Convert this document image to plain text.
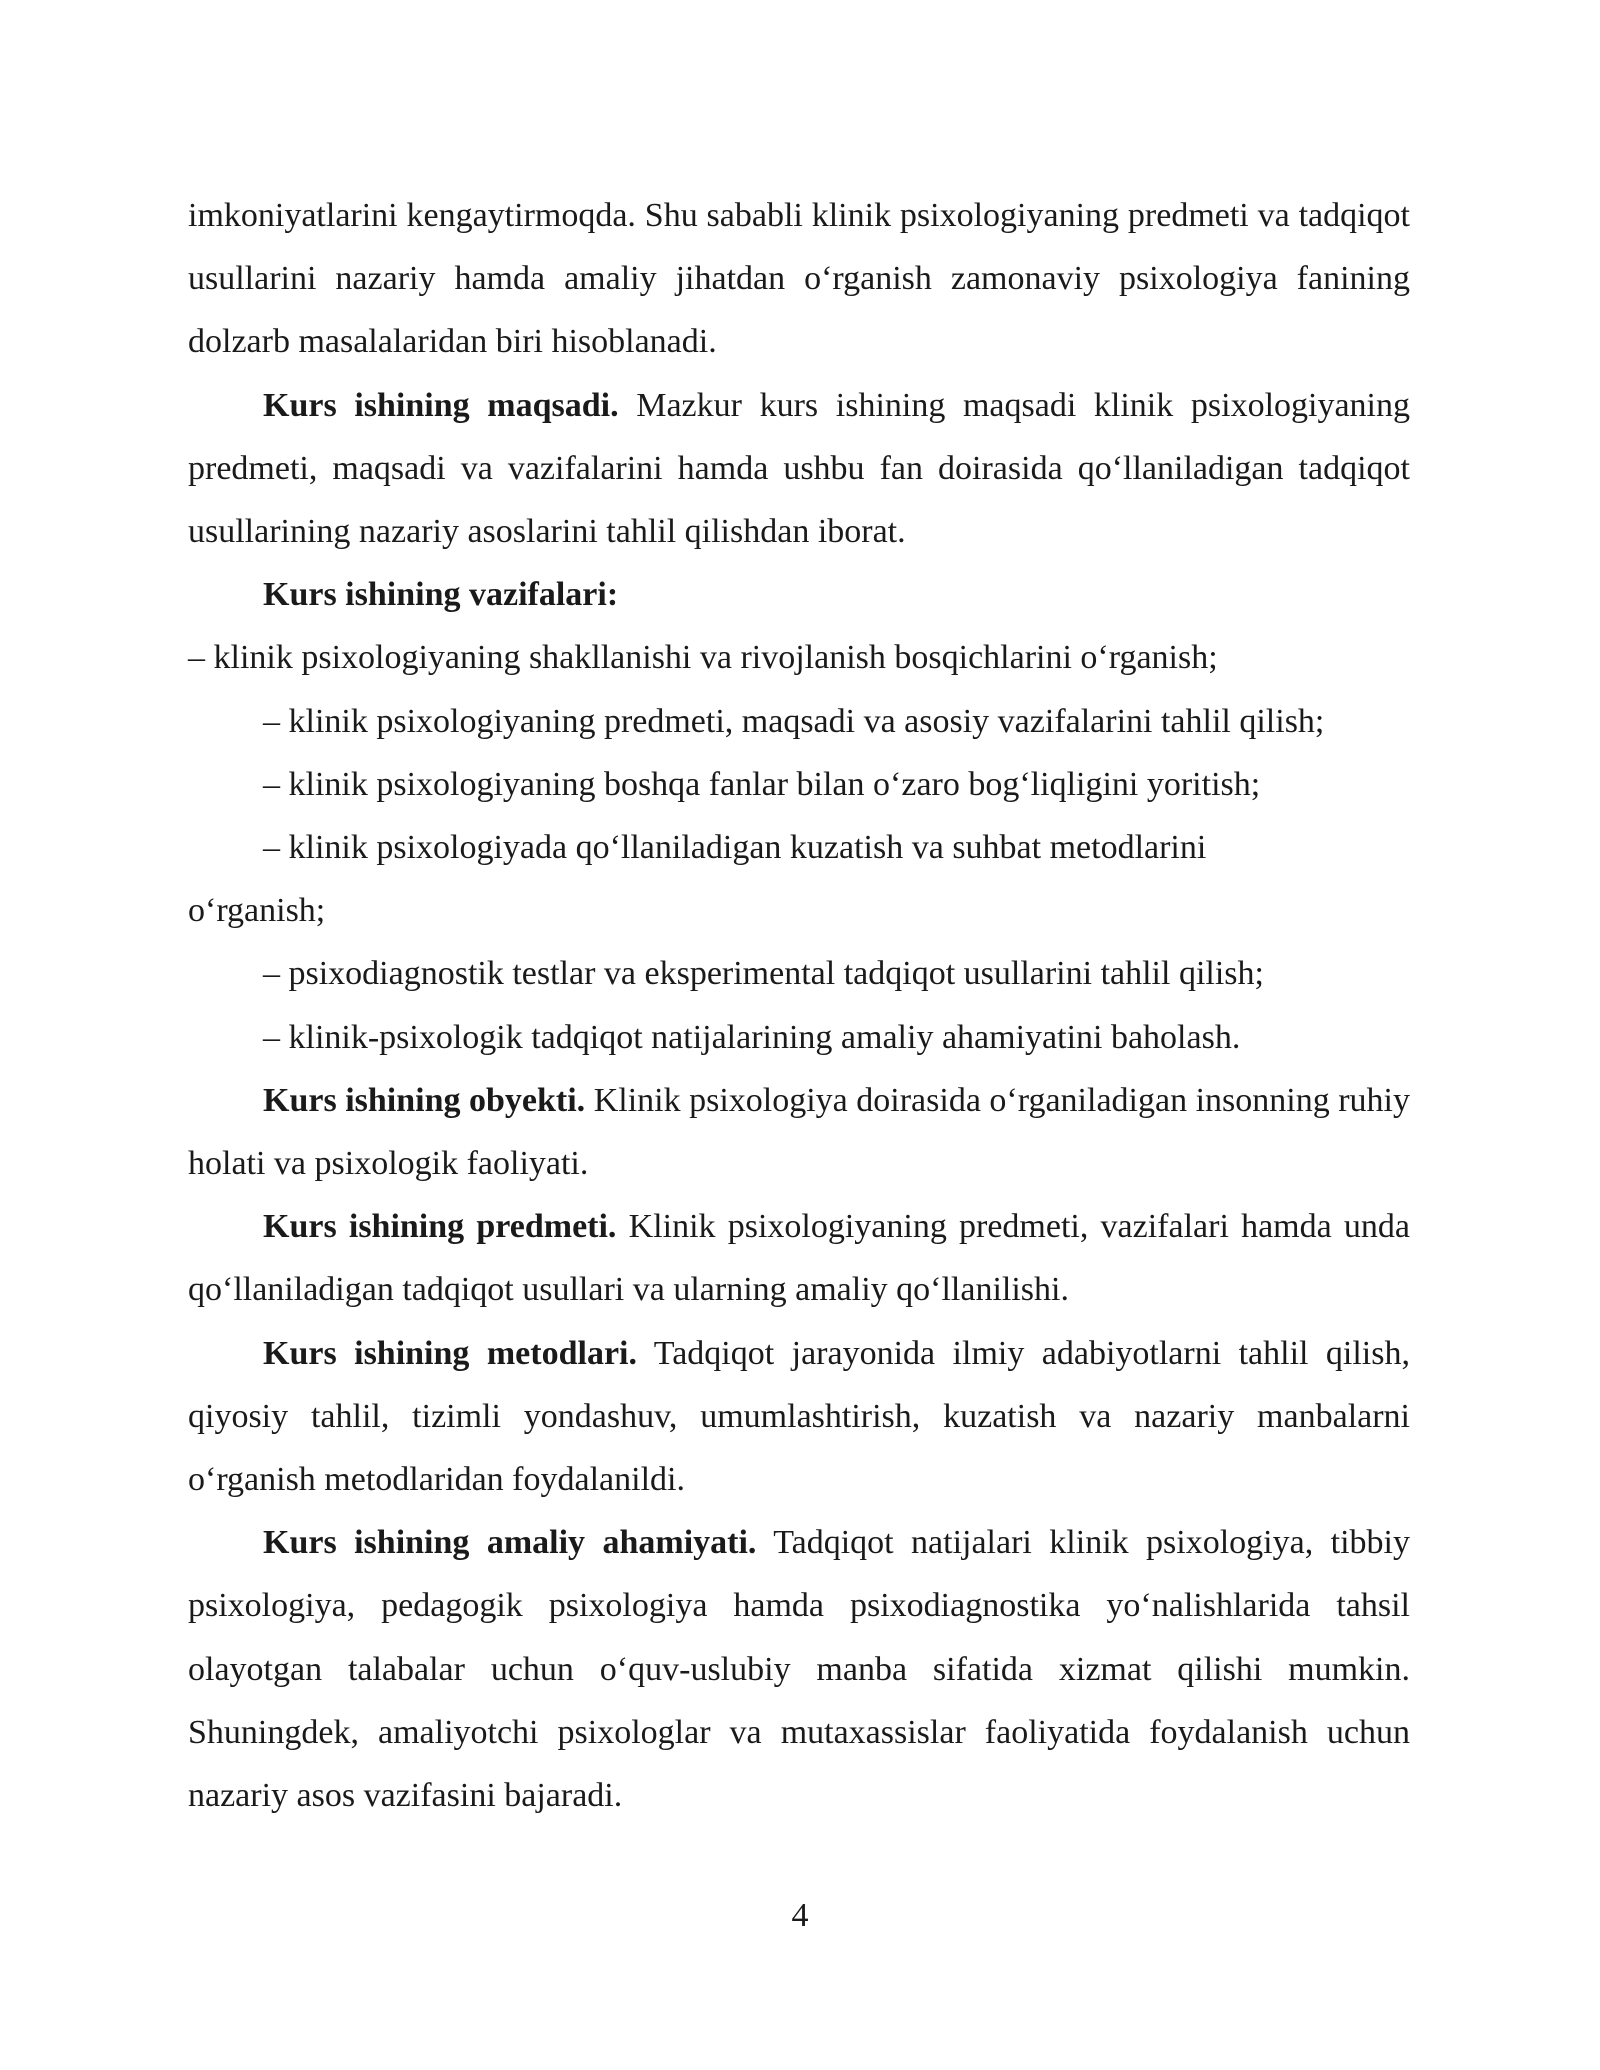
imkoniyatlarini kengaytirmoqda. Shu sababli klinik psixologiyaning predmeti va tadqiqot usullarini nazariy hamda amaliy jihatdan o‘rganish zamonaviy psixologiya fanining dolzarb masalalaridan biri hisoblanadi.

Kurs ishining maqsadi. Mazkur kurs ishining maqsadi klinik psixologiyaning predmeti, maqsadi va vazifalarini hamda ushbu fan doirasida qo‘llaniladigan tadqiqot usullarining nazariy asoslarini tahlil qilishdan iborat.

Kurs ishining vazifalari:

– klinik psixologiyaning shakllanishi va rivojlanish bosqichlarini o‘rganish;

– klinik psixologiyaning predmeti, maqsadi va asosiy vazifalarini tahlil qilish;

– klinik psixologiyaning boshqa fanlar bilan o‘zaro bog‘liqligini yoritish;

– klinik psixologiyada qo‘llaniladigan kuzatish va suhbat metodlarini

o‘rganish;

– psixodiagnostik testlar va eksperimental tadqiqot usullarini tahlil qilish;

– klinik-psixologik tadqiqot natijalarining amaliy ahamiyatini baholash.

Kurs ishining obyekti. Klinik psixologiya doirasida o‘rganiladigan insonning ruhiy holati va psixologik faoliyati.

Kurs ishining predmeti. Klinik psixologiyaning predmeti, vazifalari hamda unda qo‘llaniladigan tadqiqot usullari va ularning amaliy qo‘llanilishi.

Kurs ishining metodlari. Tadqiqot jarayonida ilmiy adabiyotlarni tahlil qilish, qiyosiy tahlil, tizimli yondashuv, umumlashtirish, kuzatish va nazariy manbalarni o‘rganish metodlaridan foydalanildi.

Kurs ishining amaliy ahamiyati. Tadqiqot natijalari klinik psixologiya, tibbiy psixologiya, pedagogik psixologiya hamda psixodiagnostika yo‘nalishlarida tahsil olayotgan talabalar uchun o‘quv-uslubiy manba sifatida xizmat qilishi mumkin. Shuningdek, amaliyotchi psixologlar va mutaxassislar faoliyatida foydalanish uchun nazariy asos vazifasini bajaradi.

4
